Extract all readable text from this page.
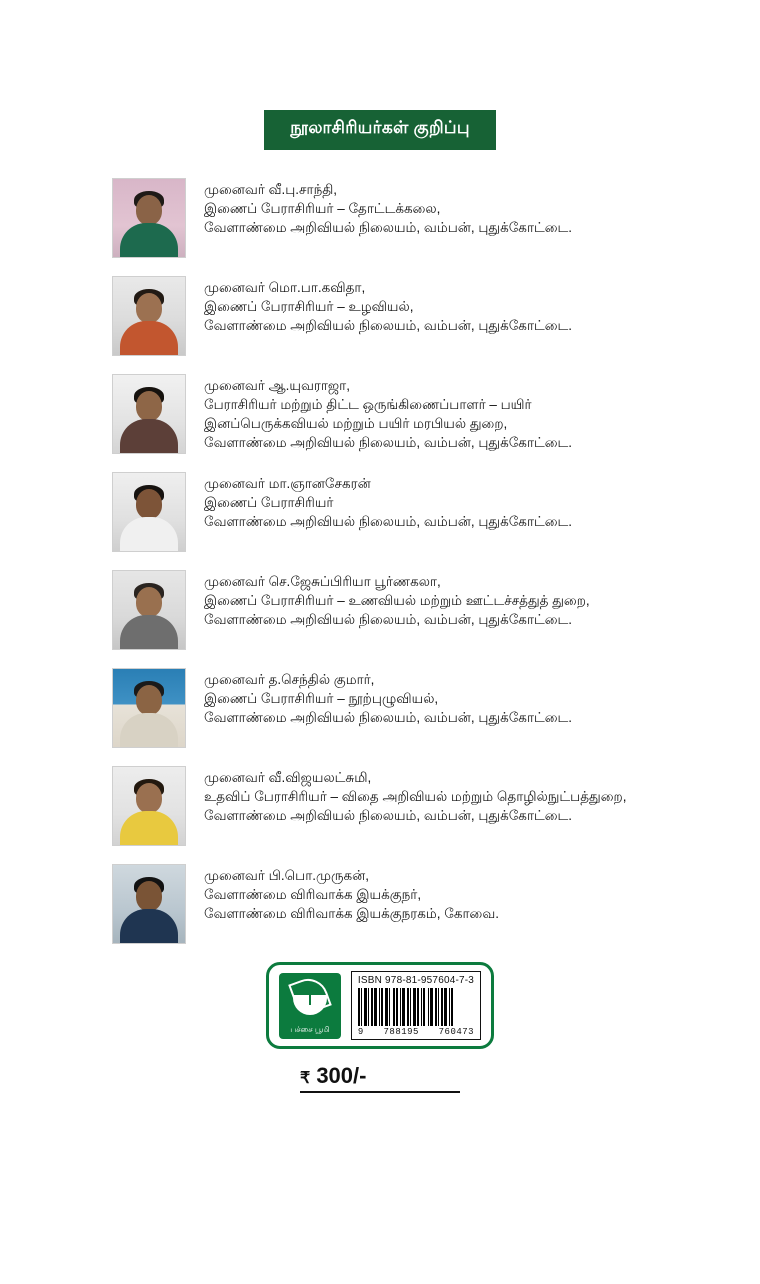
நூலாசிரியர்கள் குறிப்பு
முனைவர் வீ.பு.சாந்தி,
இணைப் பேராசிரியர் – தோட்டக்கலை,
வேளாண்மை அறிவியல் நிலையம், வம்பன், புதுக்கோட்டை.
முனைவர் மொ.பா.கவிதா,
இணைப் பேராசிரியர் – உழவியல்,
வேளாண்மை அறிவியல் நிலையம், வம்பன், புதுக்கோட்டை.
முனைவர் ஆ.யுவராஜா,
பேராசிரியர் மற்றும் திட்ட ஒருங்கிணைப்பாளர் – பயிர்
இனப்பெருக்கவியல் மற்றும் பயிர் மரபியல் துறை,
வேளாண்மை அறிவியல் நிலையம், வம்பன், புதுக்கோட்டை.
முனைவர் மா.ஞானசேகரன்
இணைப் பேராசிரியர்
வேளாண்மை அறிவியல் நிலையம், வம்பன், புதுக்கோட்டை.
முனைவர் செ.ஜேசுப்பிரியா பூர்ணகலா,
இணைப் பேராசிரியர் – உணவியல் மற்றும் ஊட்டச்சத்துத் துறை,
வேளாண்மை அறிவியல் நிலையம், வம்பன், புதுக்கோட்டை.
முனைவர் த.செந்தில் குமார்,
இணைப் பேராசிரியர் – நூற்புழுவியல்,
வேளாண்மை அறிவியல் நிலையம், வம்பன், புதுக்கோட்டை.
முனைவர் வீ.விஜயலட்சுமி,
உதவிப் பேராசிரியர் – விதை அறிவியல் மற்றும் தொழில்நுட்பத்துறை,
வேளாண்மை அறிவியல் நிலையம், வம்பன், புதுக்கோட்டை.
முனைவர் பி.பொ.முருகன்,
வேளாண்மை விரிவாக்க இயக்குநர்,
வேளாண்மை விரிவாக்க இயக்குநரகம், கோவை.
பச்சை பூமி
ISBN 978-81-957604-7-3
9 788195 760473
₹ 300/-
